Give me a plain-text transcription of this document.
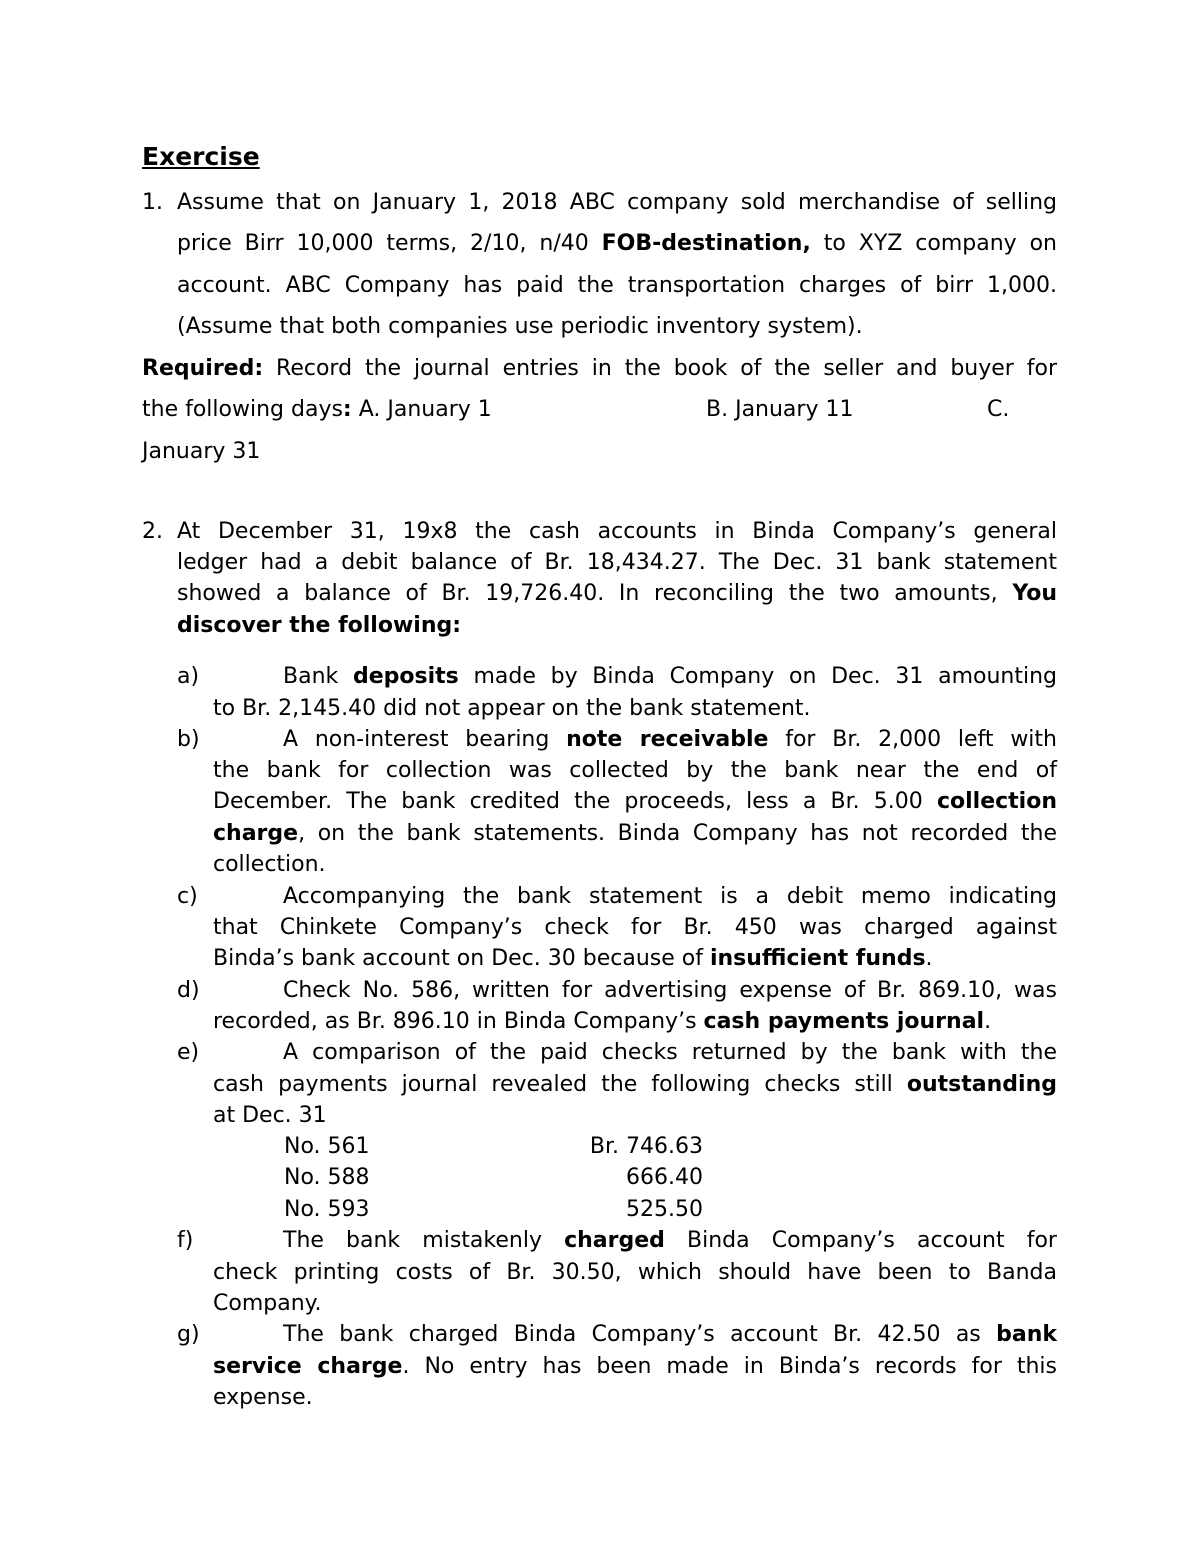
Exercise
1. Assume that on January 1, 2018 ABC company sold merchandise of selling
price Birr 10,000 terms, 2/10, n/40 FOB-destination, to XYZ company on
account. ABC Company has paid the transportation charges of birr 1,000.
(Assume that both companies use periodic inventory system).
Required: Record the journal entries in the book of the seller and buyer for
the following days: A. January 1	B. January 11	C.
January 31
2. At December 31, 19x8 the cash accounts in Binda Company’s general
ledger had a debit balance of Br. 18,434.27. The Dec. 31 bank statement
showed a balance of Br. 19,726.40. In reconciling the two amounts, You
discover the following:
a)	Bank deposits made by Binda Company on Dec. 31 amounting
to Br. 2,145.40 did not appear on the bank statement.
b)	A non-interest bearing note receivable for Br. 2,000 left with
the bank for collection was collected by the bank near the end of
December. The bank credited the proceeds, less a Br. 5.00 collection
charge, on the bank statements. Binda Company has not recorded the
collection.
c)	Accompanying the bank statement is a debit memo indicating
that Chinkete Company’s check for Br. 450 was charged against
Binda’s bank account on Dec. 30 because of insufficient funds.
d)	Check No. 586, written for advertising expense of Br. 869.10, was
recorded, as Br. 896.10 in Binda Company’s cash payments journal.
e)	A comparison of the paid checks returned by the bank with the
cash payments journal revealed the following checks still outstanding
at Dec. 31
No. 561	Br. 746.63
No. 588	666.40
No. 593	525.50
f)	The bank mistakenly charged Binda Company’s account for
check printing costs of Br. 30.50, which should have been to Banda
Company.
g)	The bank charged Binda Company’s account Br. 42.50 as bank
service charge. No entry has been made in Binda’s records for this
expense.
